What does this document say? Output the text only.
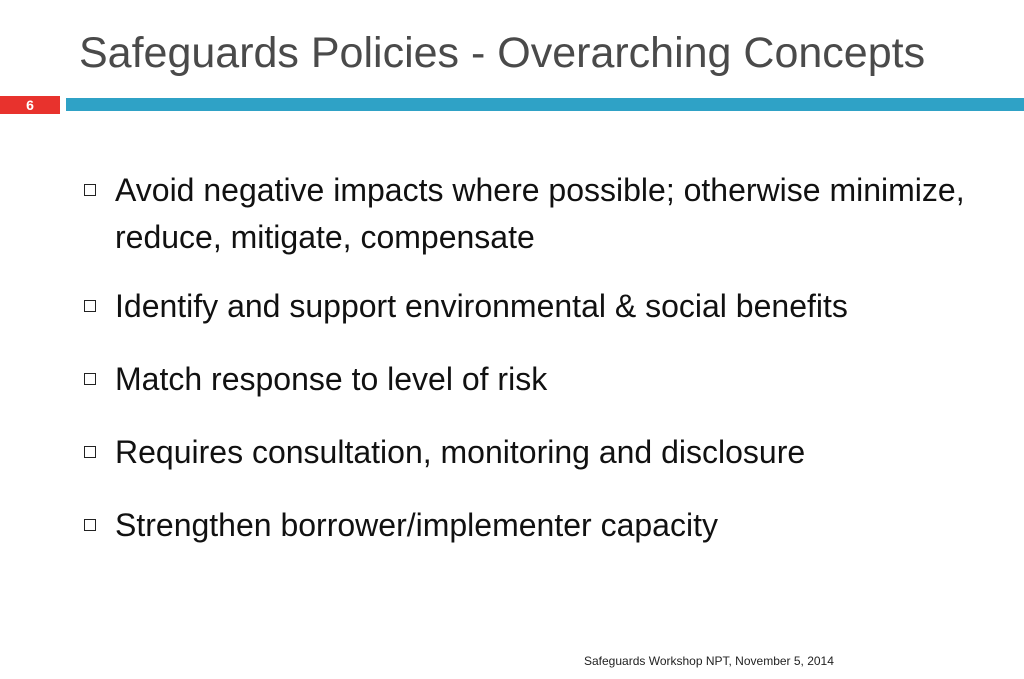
Safeguards Policies - Overarching Concepts
6
Avoid negative impacts where possible; otherwise minimize, reduce, mitigate, compensate
Identify and support environmental & social benefits
Match response to level of risk
Requires consultation, monitoring and disclosure
Strengthen borrower/implementer capacity
Safeguards Workshop NPT, November 5, 2014
